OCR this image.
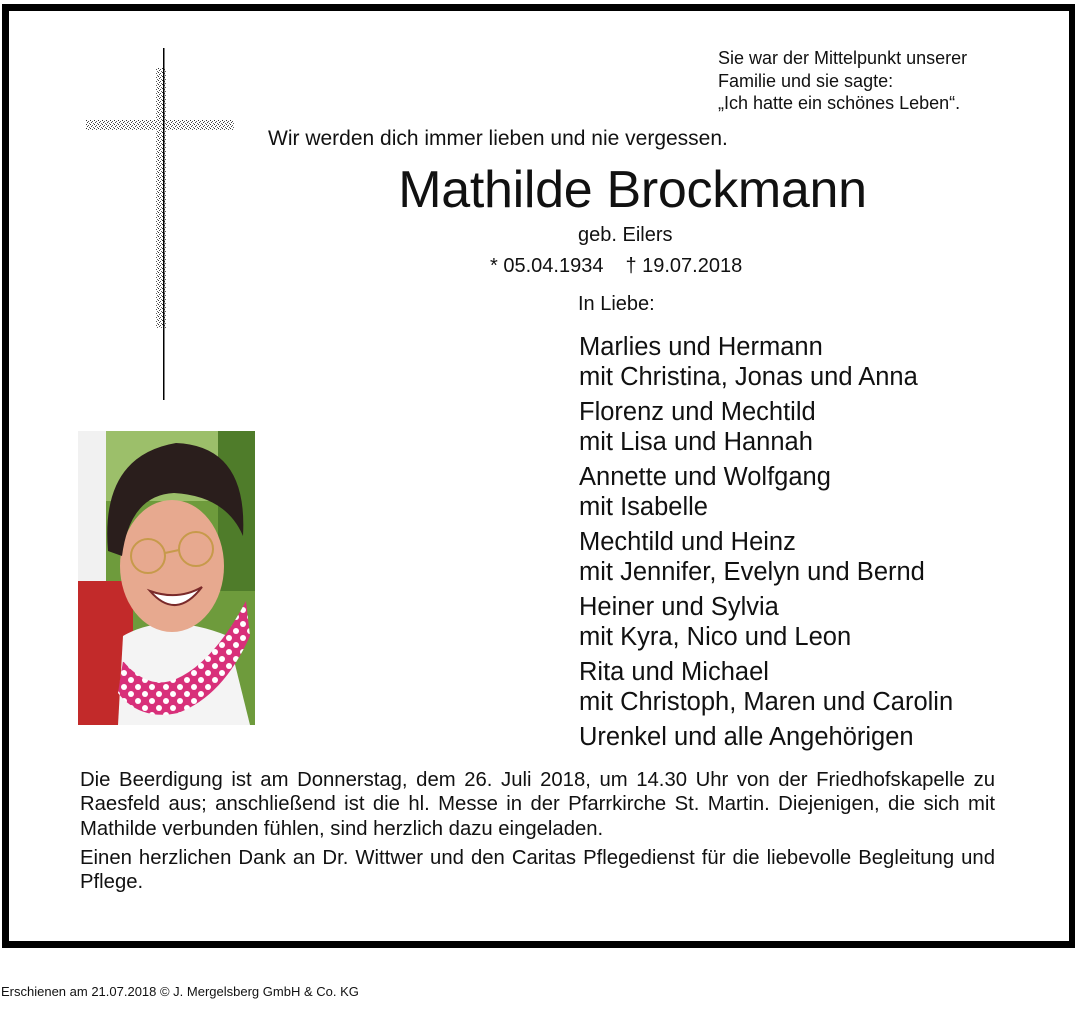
Sie war der Mittelpunkt unserer
Familie und sie sagte:
„Ich hatte ein schönes Leben“.
Wir werden dich immer lieben und nie vergessen.
Mathilde Brockmann
geb. Eilers
* 05.04.1934 † 19.07.2018
In Liebe:
Marlies und Hermann
mit Christina, Jonas und Anna
Florenz und Mechtild
mit Lisa und Hannah
Annette und Wolfgang
mit Isabelle
Mechtild und Heinz
mit Jennifer, Evelyn und Bernd
Heiner und Sylvia
mit Kyra, Nico und Leon
Rita und Michael
mit Christoph, Maren und Carolin
Urenkel und alle Angehörigen

Die Beerdigung ist am Donnerstag, dem 26. Juli 2018, um 14.30 Uhr von der Friedhofskapelle zu Raesfeld aus; anschließend ist die hl. Messe in der Pfarrkirche St. Martin. Diejenigen, die sich mit Mathilde verbunden fühlen, sind herzlich dazu eingeladen.

Einen herzlichen Dank an Dr. Wittwer und den Caritas Pflegedienst für die liebevolle Begleitung und Pflege.

Erschienen am 21.07.2018 © J. Mergelsberg GmbH & Co. KG
